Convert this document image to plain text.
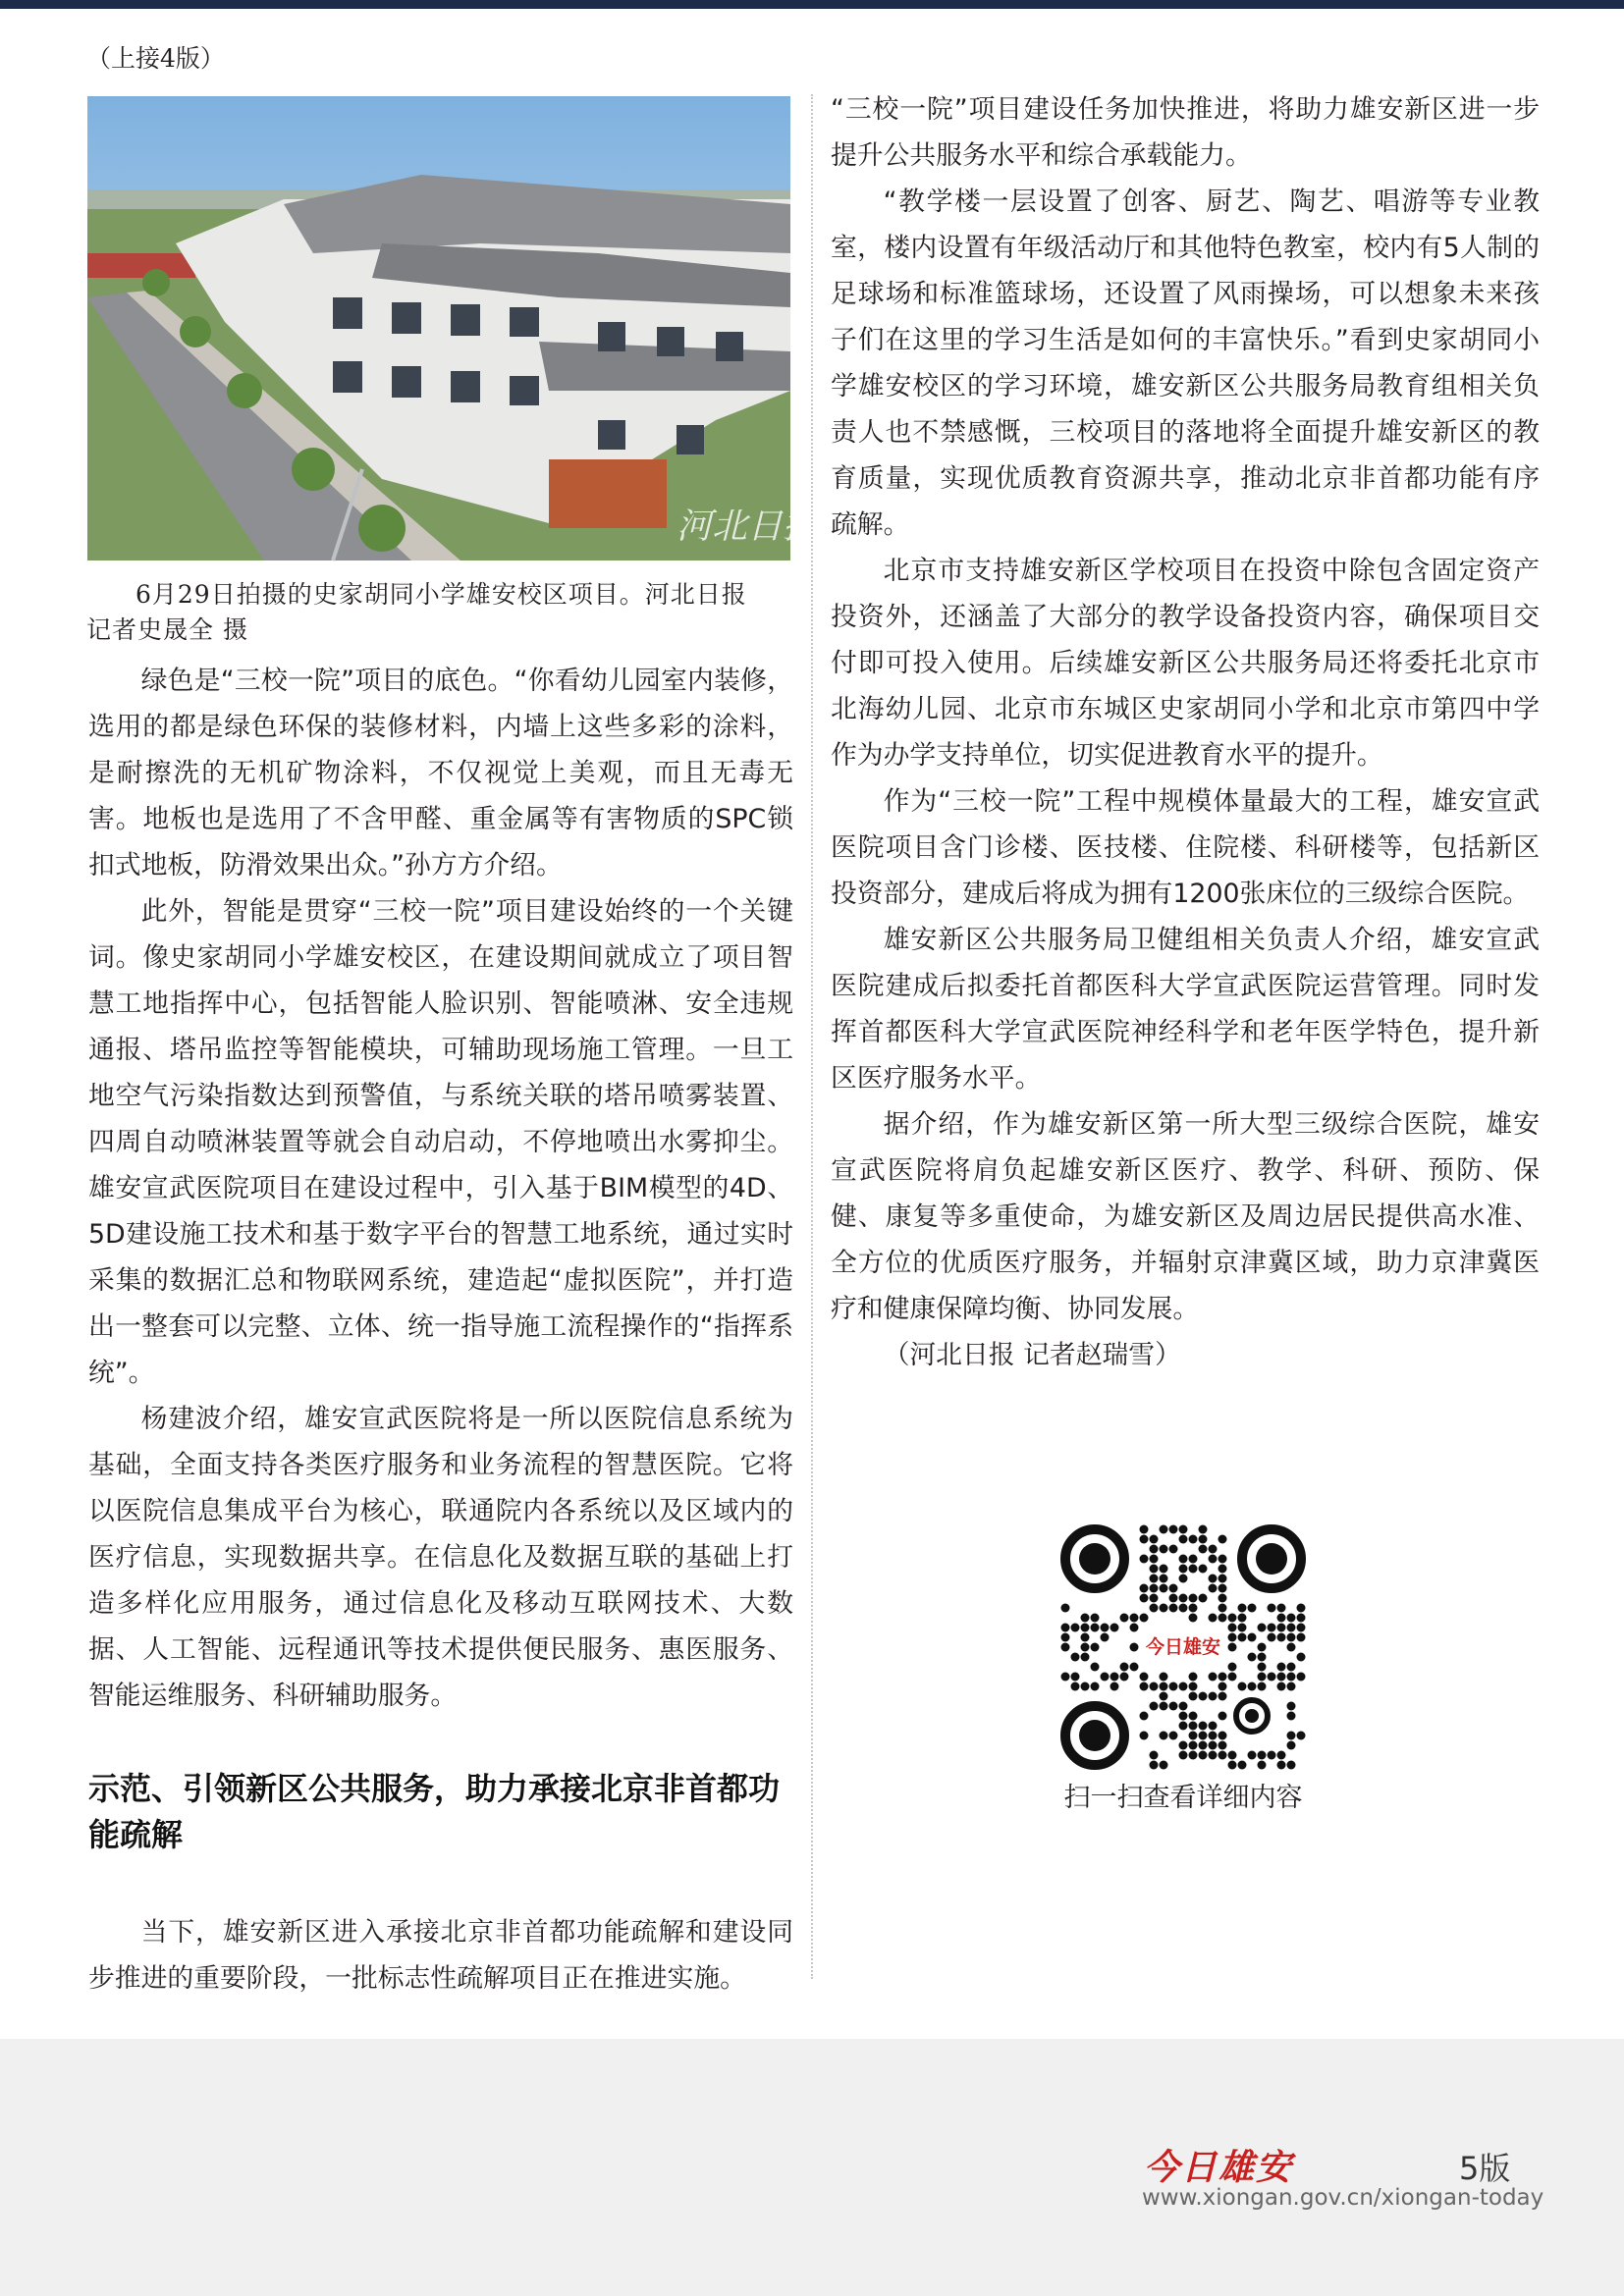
（上接4版）
河北日报
6月29日拍摄的史家胡同小学雄安校区项目。河北日报
记者史晟全 摄

绿色是“三校一院”项目的底色。“你看幼儿园室内装修，选用的都是绿色环保的装修材料，内墙上这些多彩的涂料，是耐擦洗的无机矿物涂料，不仅视觉上美观，而且无毒无害。地板也是选用了不含甲醛、重金属等有害物质的SPC锁扣式地板，防滑效果出众。”孙方方介绍。

此外，智能是贯穿“三校一院”项目建设始终的一个关键词。像史家胡同小学雄安校区，在建设期间就成立了项目智慧工地指挥中心，包括智能人脸识别、智能喷淋、安全违规通报、塔吊监控等智能模块，可辅助现场施工管理。一旦工地空气污染指数达到预警值，与系统关联的塔吊喷雾装置、四周自动喷淋装置等就会自动启动，不停地喷出水雾抑尘。雄安宣武医院项目在建设过程中，引入基于BIM模型的4D、5D建设施工技术和基于数字平台的智慧工地系统，通过实时采集的数据汇总和物联网系统，建造起“虚拟医院”，并打造出一整套可以完整、立体、统一指导施工流程操作的“指挥系统”。

杨建波介绍，雄安宣武医院将是一所以医院信息系统为基础，全面支持各类医疗服务和业务流程的智慧医院。它将以医院信息集成平台为核心，联通院内各系统以及区域内的医疗信息，实现数据共享。在信息化及数据互联的基础上打造多样化应用服务，通过信息化及移动互联网技术、大数据、人工智能、远程通讯等技术提供便民服务、惠医服务、智能运维服务、科研辅助服务。

示范、引领新区公共服务，助力承接北京非首都功能疏解

当下，雄安新区进入承接北京非首都功能疏解和建设同步推进的重要阶段，一批标志性疏解项目正在推进实施。

“三校一院”项目建设任务加快推进，将助力雄安新区进一步提升公共服务水平和综合承载能力。

“教学楼一层设置了创客、厨艺、陶艺、唱游等专业教室，楼内设置有年级活动厅和其他特色教室，校内有5人制的足球场和标准篮球场，还设置了风雨操场，可以想象未来孩子们在这里的学习生活是如何的丰富快乐。”看到史家胡同小学雄安校区的学习环境，雄安新区公共服务局教育组相关负责人也不禁感慨，三校项目的落地将全面提升雄安新区的教育质量，实现优质教育资源共享，推动北京非首都功能有序疏解。

北京市支持雄安新区学校项目在投资中除包含固定资产投资外，还涵盖了大部分的教学设备投资内容，确保项目交付即可投入使用。后续雄安新区公共服务局还将委托北京市北海幼儿园、北京市东城区史家胡同小学和北京市第四中学作为办学支持单位，切实促进教育水平的提升。

作为“三校一院”工程中规模体量最大的工程，雄安宣武医院项目含门诊楼、医技楼、住院楼、科研楼等，包括新区投资部分，建成后将成为拥有1200张床位的三级综合医院。

雄安新区公共服务局卫健组相关负责人介绍，雄安宣武医院建成后拟委托首都医科大学宣武医院运营管理。同时发挥首都医科大学宣武医院神经科学和老年医学特色，提升新区医疗服务水平。

据介绍，作为雄安新区第一所大型三级综合医院，雄安宣武医院将肩负起雄安新区医疗、教学、科研、预防、保健、康复等多重使命，为雄安新区及周边居民提供高水准、全方位的优质医疗服务，并辐射京津冀区域，助力京津冀医疗和健康保障均衡、协同发展。

（河北日报 记者赵瑞雪）

今日雄安
扫一扫查看详细内容
今日雄安	5版
www.xiongan.gov.cn/xiongan-today
